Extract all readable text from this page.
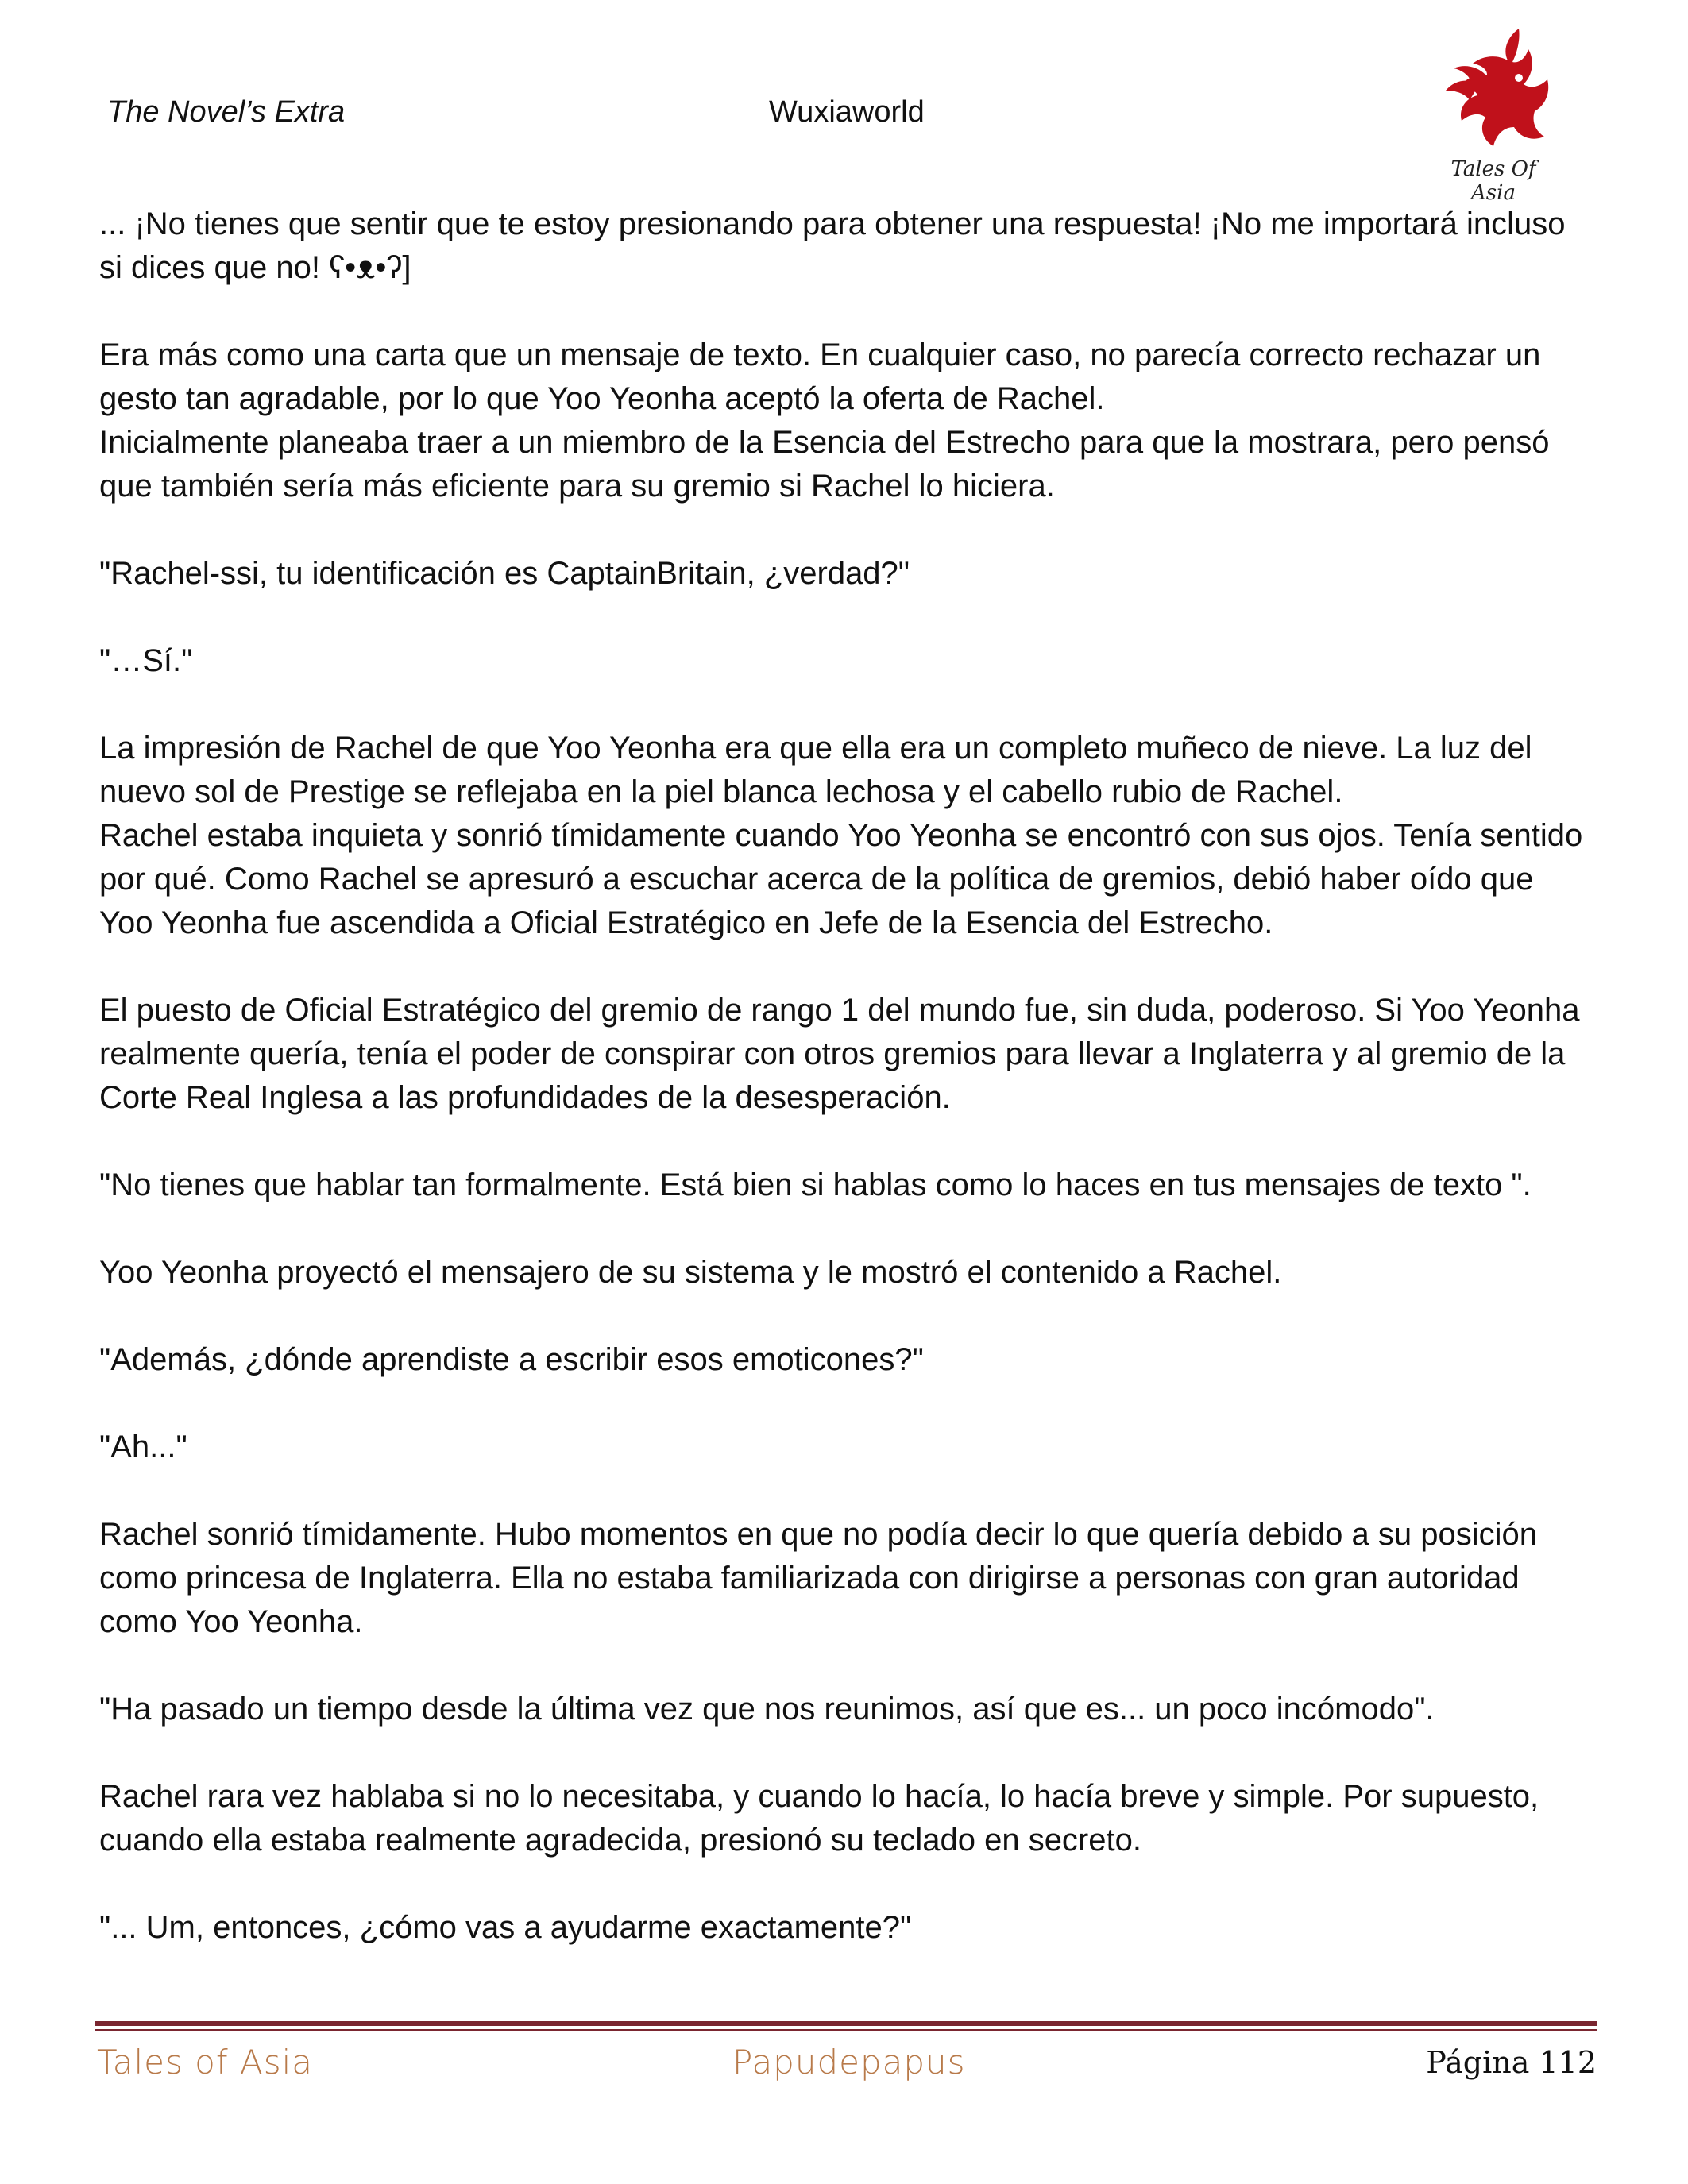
The Novel’s Extra	Wuxiaworld
Tales Of Asia

... ¡No tienes que sentir que te estoy presionando para obtener una respuesta! ¡No me importará incluso si dices que no! ʕ•ᴥ•ʔ]

Era más como una carta que un mensaje de texto. En cualquier caso, no parecía correcto rechazar un gesto tan agradable, por lo que Yoo Yeonha aceptó la oferta de Rachel.
Inicialmente planeaba traer a un miembro de la Esencia del Estrecho para que la mostrara, pero pensó que también sería más eficiente para su gremio si Rachel lo hiciera.

"Rachel-ssi, tu identificación es CaptainBritain, ¿verdad?"

"…Sí."

La impresión de Rachel de que Yoo Yeonha era que ella era un completo muñeco de nieve. La luz del nuevo sol de Prestige se reflejaba en la piel blanca lechosa y el cabello rubio de Rachel.
Rachel estaba inquieta y sonrió tímidamente cuando Yoo Yeonha se encontró con sus ojos. Tenía sentido por qué. Como Rachel se apresuró a escuchar acerca de la política de gremios, debió haber oído que Yoo Yeonha fue ascendida a Oficial Estratégico en Jefe de la Esencia del Estrecho.

El puesto de Oficial Estratégico del gremio de rango 1 del mundo fue, sin duda, poderoso. Si Yoo Yeonha realmente quería, tenía el poder de conspirar con otros gremios para llevar a Inglaterra y al gremio de la Corte Real Inglesa a las profundidades de la desesperación.

"No tienes que hablar tan formalmente. Está bien si hablas como lo haces en tus mensajes de texto ".

Yoo Yeonha proyectó el mensajero de su sistema y le mostró el contenido a Rachel.

"Además, ¿dónde aprendiste a escribir esos emoticones?"

"Ah..."

Rachel sonrió tímidamente. Hubo momentos en que no podía decir lo que quería debido a su posición como princesa de Inglaterra. Ella no estaba familiarizada con dirigirse a personas con gran autoridad como Yoo Yeonha.

"Ha pasado un tiempo desde la última vez que nos reunimos, así que es... un poco incómodo".

Rachel rara vez hablaba si no lo necesitaba, y cuando lo hacía, lo hacía breve y simple. Por supuesto, cuando ella estaba realmente agradecida, presionó su teclado en secreto.

"... Um, entonces, ¿cómo vas a ayudarme exactamente?"

Tales of Asia	Papudepapus	Página 112
